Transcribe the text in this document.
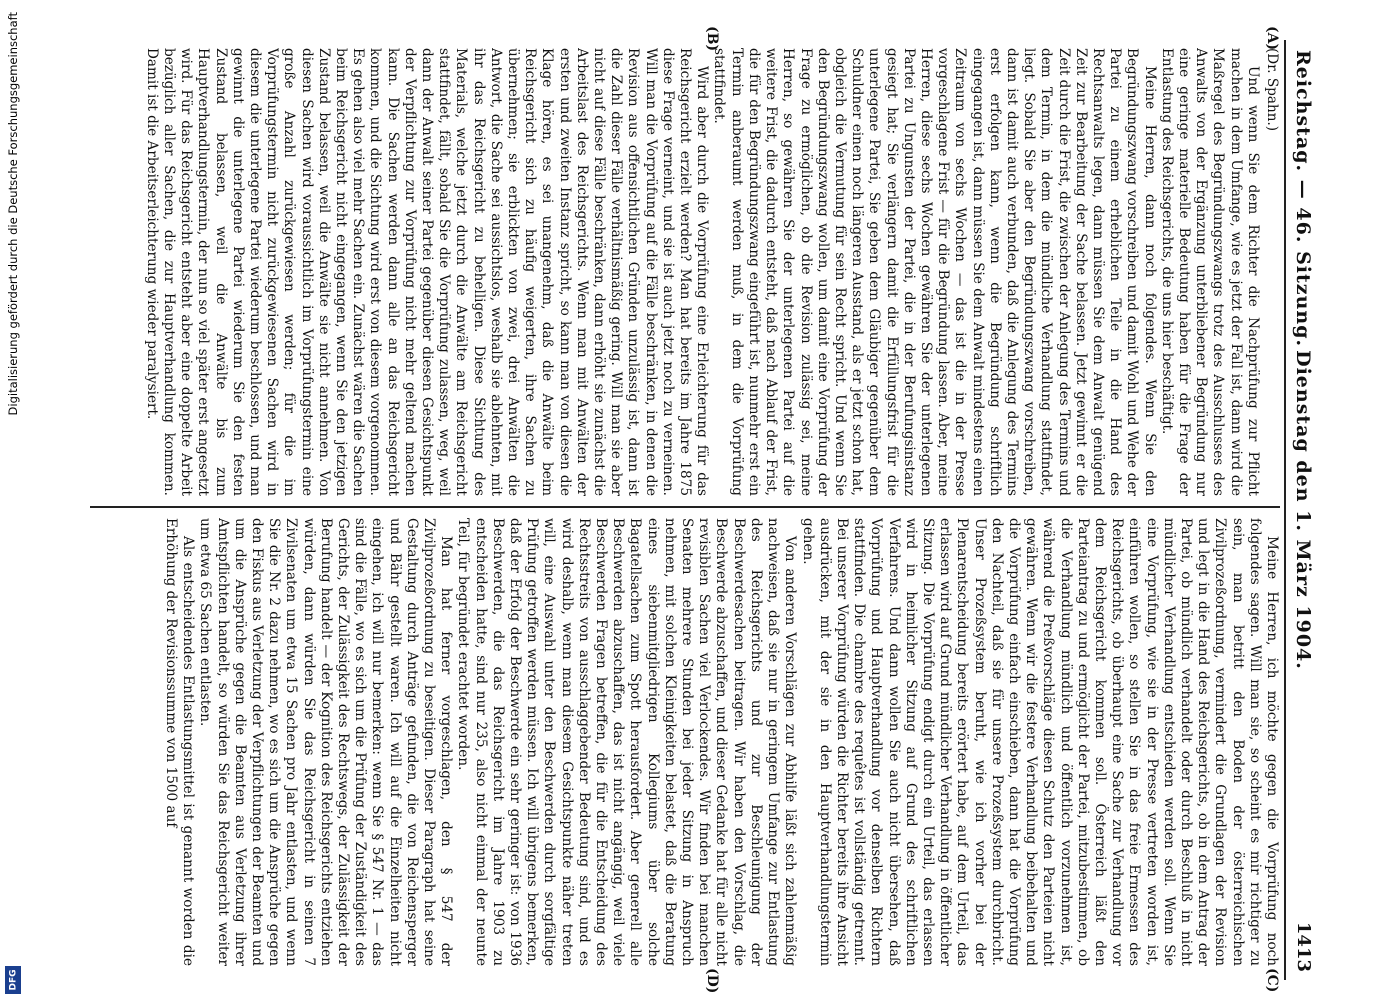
Digitalisierung gefördert durch die Deutsche Forschungsgemeinschaft
DFG
Reichstag. — 46. Sitzung.
Dienstag den 1. März 1904.
1413

(Dr. Spahn.)

Und wenn Sie dem Richter die Nachprüfung zur Pflicht machen in dem Umfange, wie es jetzt der Fall ist, dann wird die Maßregel des Begründungszwangs trotz des Ausschlusses des Anwalts von der Ergänzung unterbliebener Begründung nur eine geringe materielle Bedeutung haben für die Frage der Entlastung des Reichsgerichts, die uns hier beschäftigt.

Meine Herren, dann noch folgendes. Wenn Sie den Begründungszwang vorschreiben und damit Wohl und Wehe der Partei zu einem erheblichen Teile in die Hand des Rechtsanwalts legen, dann müssen Sie dem Anwalt genügend Zeit zur Bearbeitung der Sache belassen. Jetzt gewinnt er die Zeit durch die Frist, die zwischen der Anlegung des Termins und dem Termin, in dem die mündliche Verhandlung stattfindet, liegt. Sobald Sie aber den Begründungszwang vorschreiben, dann ist damit auch verbunden, daß die Anlegung des Termins erst erfolgen kann, wenn die Begründung schriftlich eingegangen ist, dann müssen Sie dem Anwalt mindestens einen Zeitraum von sechs Wochen — das ist die in der Presse vorgeschlagene Frist — für die Begründung lassen. Aber, meine Herren, diese sechs Wochen gewähren Sie der unterlegenen Partei zu Ungunsten der Partei, die in der Berufungsinstanz gesiegt hat; Sie verlängern damit die Erfüllungsfrist für die unterlegene Partei, Sie geben dem Gläubiger gegenüber dem Schuldner einen noch längeren Ausstand, als er jetzt schon hat, obgleich die Vermutung für sein Recht spricht. Und wenn Sie den Begründungszwang wollen, um damit eine Vorprüfung der Frage zu ermöglichen, ob die Revision zulässig sei, meine Herren, so gewähren Sie der unterlegenen Partei auf die weitere Frist, die dadurch entsteht, daß nach Ablauf der Frist, die für den Begründungszwang eingeführt ist, nunmehr erst ein Termin anberaumt werden muß, in dem die Vorprüfung stattfindet.

Wird aber durch die Vorprüfung eine Erleichterung für das Reichsgericht erzielt werden? Man hat bereits im Jahre 1875 diese Frage verneint, und sie ist auch jetzt noch zu verneinen. Will man die Vorprüfung auf die Fälle beschränken, in denen die Revision aus offensichtlichen Gründen unzulässig ist, dann ist die Zahl dieser Fälle verhältnismäßig gering. Will man sie aber nicht auf diese Fälle beschränken, dann erhöht sie zunächst die Arbeitslast des Reichsgerichts. Wenn man mit Anwälten der ersten und zweiten Instanz spricht, so kann man von diesen die Klage hören, es sei unangenehm, daß die Anwälte beim Reichsgericht sich zu häufig weigerten, ihre Sachen zu übernehmen; sie erblickten von zwei, drei Anwälten die Antwort, die Sache sei aussichtslos, weshalb sie ablehnten, mit ihr das Reichsgericht zu behelligen. Diese Sichtung des Materials, welche jetzt durch die Anwälte am Reichsgericht stattfindet, fällt, sobald Sie die Vorprüfung zulassen, weg, weil dann der Anwalt seiner Partei gegenüber diesen Gesichtspunkt der Verpflichtung zur Vorprüfung nicht mehr geltend machen kann. Die Sachen werden dann alle an das Reichsgericht kommen, und die Sichtung wird erst von diesem vorgenommen. Es gehen also viel mehr Sachen ein. Zunächst wären die Sachen beim Reichsgericht nicht eingegangen, wenn Sie den jetzigen Zustand belassen, weil die Anwälte sie nicht annehmen. Von diesen Sachen wird voraussichtlich im Vorprüfungstermin eine große Anzahl zurückgewiesen werden; für die im Vorprüfungstermin nicht zurückgewiesenen Sachen wird in diesem die unterlegene Partei wiederum beschlossen, und man gewinnt die unterlegene Partei wiederum Sie den festen Zustand belassen, weil die Anwälte bis zum Hauptverhandlungstermin, der nun so viel später erst angesetzt wird. Für das Reichsgericht entsteht aber eine doppelte Arbeit bezüglich aller Sachen, die zur Hauptverhandlung kommen. Damit ist die Arbeitserleichterung wieder paralysiert.

Meine Herren, ich möchte gegen die Vorprüfung noch folgendes sagen. Will man sie, so scheint es mir richtiger zu sein, man betritt den Boden der österreichischen Zivilprozeßordnung, vermindert die Grundlagen der Revision und legt in die Hand des Reichsgerichts, ob in dem Antrag der Partei, ob mündlich verhandelt oder durch Beschluß in nicht mündlicher Verhandlung entschieden werden soll. Wenn Sie eine Vorprüfung, wie sie in der Presse vertreten worden ist, einführen wollen, so stellen Sie in das freie Ermessen des Reichsgerichts, ob überhaupt eine Sache zur Verhandlung vor dem Reichsgericht kommen soll. Österreich läßt den Parteiantrag zu und ermöglicht der Partei, mitzubestimmen, ob die Verhandlung mündlich und öffentlich vorzunehmen ist, während die Preßvorschläge diesen Schutz den Parteien nicht gewähren. Wenn wir die festere Verhandlung beibehalten und die Vorprüfung einfach einschieben, dann hat die Vorprüfung den Nachteil, daß sie für unsere Prozeßsystem durchbricht. Unser Prozeßsystem beruht, wie ich vorher bei der Plenarentscheidung bereits erörtert habe, auf dem Urteil, das erlassen wird auf Grund mündlicher Verhandlung in öffentlicher Sitzung. Die Vorprüfung endigt durch ein Urteil, das erlassen wird in heimlicher Sitzung auf Grund des schriftlichen Verfahrens. Und dann wollen Sie auch nicht übersehen, daß Vorprüfung und Hauptverhandlung vor denselben Richtern stattfinden. Die chambre des requêtes ist vollständig getrennt. Bei unserer Vorprüfung würden die Richter bereits ihre Ansicht ausdrücken, mit der sie in den Hauptverhandlungstermin gehen.

Von anderen Vorschlägen zur Abhilfe läßt sich zahlenmäßig nachweisen, daß sie nur in geringem Umfange zur Entlastung des Reichsgerichts und zur Beschleunigung der Beschwerdesachen beitragen. Wir haben den Vorschlag, die Beschwerde abzuschaffen, und dieser Gedanke hat für alle nicht revisiblen Sachen viel Verlockendes. Wir finden bei manchen Senaten mehrere Stunden bei jeder Sitzung in Anspruch nehmen, mit solchen Kleinigkeiten belastet, daß die Beratung eines siebenmitgliedrigen Kollegiums über solche Bagatellsachen zum Spott herausfordert. Aber generell alle Beschwerden abzuschaffen, das ist nicht angängig, weil viele Beschwerden Fragen betreffen, die für die Entscheidung des Rechtsstreits von ausschlaggebender Bedeutung sind, und es wird deshalb, wenn man diesem Gesichtspunkte näher treten will, eine Auswahl unter den Beschwerden durch sorgfältige Prüfung getroffen werden müssen. Ich will übrigens bemerken, daß der Erfolg der Beschwerde ein sehr geringer ist: von 1936 Beschwerden, die das Reichsgericht im Jahre 1903 zu entscheiden hatte, sind nur 235, also nicht einmal der neunte Teil, für begründet erachtet worden.

Man hat ferner vorgeschlagen, den § 547 der Zivilprozeßordnung zu beseitigen. Dieser Paragraph hat seine Gestaltung durch Anträge gefunden, die von Reichensperger und Bähr gestellt waren. Ich will auf die Einzelheiten nicht eingehen, ich will nur bemerken: wenn Sie § 547 Nr. 1 — das sind die Fälle, wo es sich um die Prüfung der Zuständigkeit des Gerichts, der Zulässigkeit des Rechtswegs, der Zulässigkeit der Berufung handelt — der Kognition des Reichsgerichts entziehen würden, dann würden Sie das Reichsgericht in seinen 7 Zivilsenaten um etwa 15 Sachen pro Jahr entlasten, und wenn Sie die Nr. 2 dazu nehmen, wo es sich um die Ansprüche gegen den Fiskus aus Verletzung der Verpflichtungen der Beamten und um die Ansprüche gegen die Beamten aus Verletzung ihrer Amtspflichten handelt, so würden Sie das Reichsgericht weiter um etwa 65 Sachen entlasten.

Als entscheidendes Entlastungsmittel ist genannt worden die Erhöhung der Revisionssumme von 1500 auf

(A)
(B)
(C)
(D)
